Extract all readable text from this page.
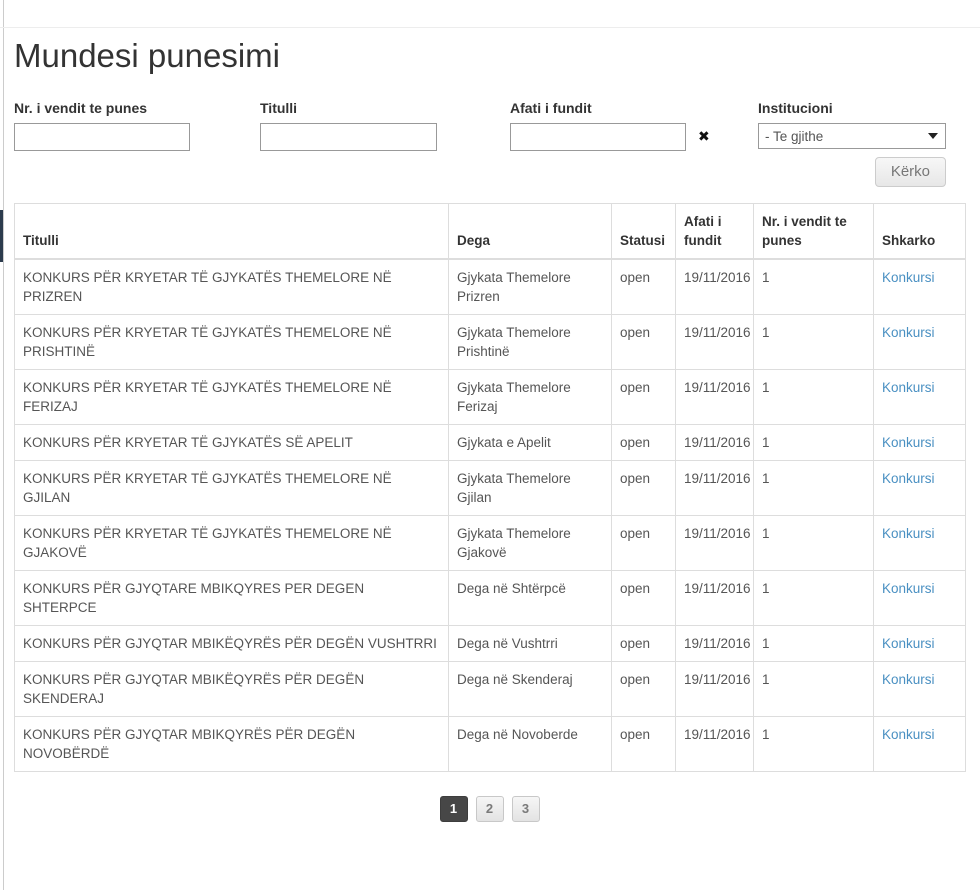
Mundesi punesimi
Nr. i vendit te punes	Titulli	Afati i fundit
✖
Institucioni
- Te gjithe
Kërko
Titulli	Dega	Statusi	Afati i fundit	Nr. i vendit te punes	Shkarko
KONKURS PËR KRYETAR TË GJYKATËS THEMELORE NË PRIZREN	Gjykata Themelore Prizren	open	19/11/2016	1	Konkursi
KONKURS PËR KRYETAR TË GJYKATËS THEMELORE NË PRISHTINË	Gjykata Themelore Prishtinë	open	19/11/2016	1	Konkursi
KONKURS PËR KRYETAR TË GJYKATËS THEMELORE NË FERIZAJ	Gjykata Themelore Ferizaj	open	19/11/2016	1	Konkursi
KONKURS PËR KRYETAR TË GJYKATËS SË APELIT	Gjykata e Apelit	open	19/11/2016	1	Konkursi
KONKURS PËR KRYETAR TË GJYKATËS THEMELORE NË GJILAN	Gjykata Themelore Gjilan	open	19/11/2016	1	Konkursi
KONKURS PËR KRYETAR TË GJYKATËS THEMELORE NË GJAKOVË	Gjykata Themelore Gjakovë	open	19/11/2016	1	Konkursi
KONKURS PËR GJYQTARE MBIKQYRES PER DEGEN SHTERPCE	Dega në Shtërpcë	open	19/11/2016	1	Konkursi
KONKURS PËR GJYQTAR MBIKËQYRËS PËR DEGËN VUSHTRRI	Dega në Vushtrri	open	19/11/2016	1	Konkursi
KONKURS PËR GJYQTAR MBIKËQYRËS PËR DEGËN SKENDERAJ	Dega në Skenderaj	open	19/11/2016	1	Konkursi
KONKURS PËR GJYQTAR MBIKQYRËS PËR DEGËN NOVOBËRDË	Dega në Novoberde	open	19/11/2016	1	Konkursi
1 2 3
